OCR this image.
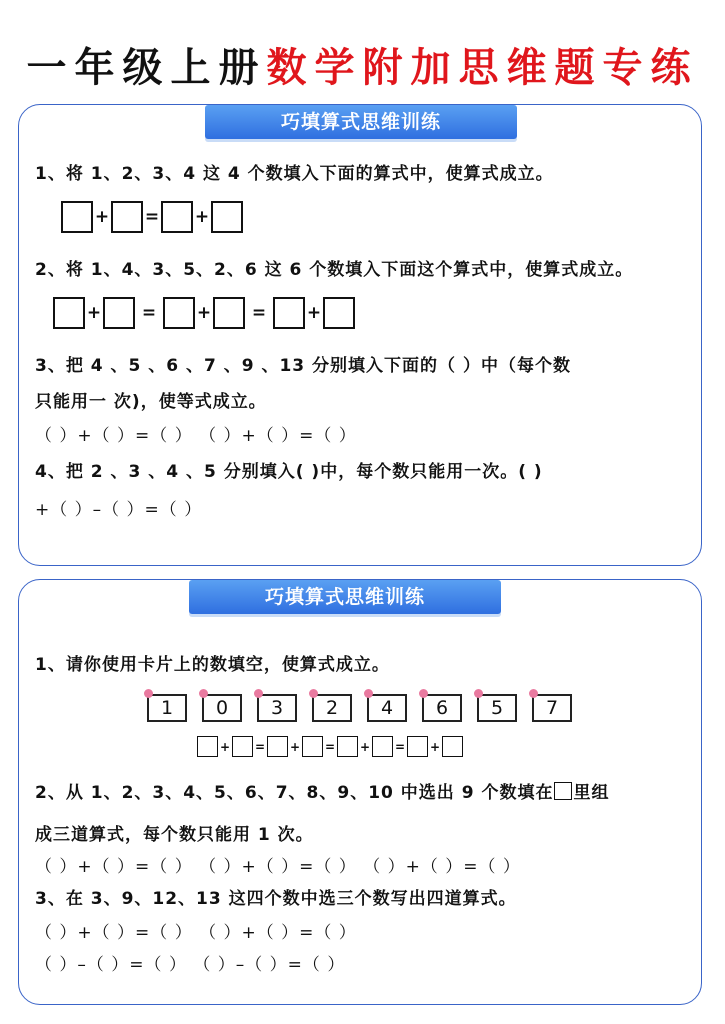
一年级上册数学附加思维题专练
巧填算式思维训练
1、将 1、2、3、4 这 4 个数填入下面的算式中，使算式成立。
+ = +
2、将 1、4、3、5、2、6 这 6 个数填入下面这个算式中，使算式成立。
+	=	+	=	+
3、把 4 、5 、6 、7 、9 、13 分别填入下面的（ ）中（每个数
只能用一 次)，使等式成立。
（ ）+（ ）=（ ） （ ）+（ ）=（ ）
4、把 2 、3 、4 、5 分别填入( )中，每个数只能用一次。( )
+（ ）–（ ）=（ ）
巧填算式思维训练
1、请你使用卡片上的数填空，使算式成立。
1	0	3	2	4	6	5	7
+ = + = + = +
2、从 1、2、3、4、5、6、7、8、9、10 中选出 9 个数填在 里组
成三道算式，每个数只能用 1 次。
（ ）+（ ）=（ ） （ ）+（ ）=（ ） （ ）+（ ）=（ ）
3、在 3、9、12、13 这四个数中选三个数写出四道算式。
（ ）+（ ）=（ ） （ ）+（ ）=（ ）
（ ）–（ ）=（ ） （ ）–（ ）=（ ）
